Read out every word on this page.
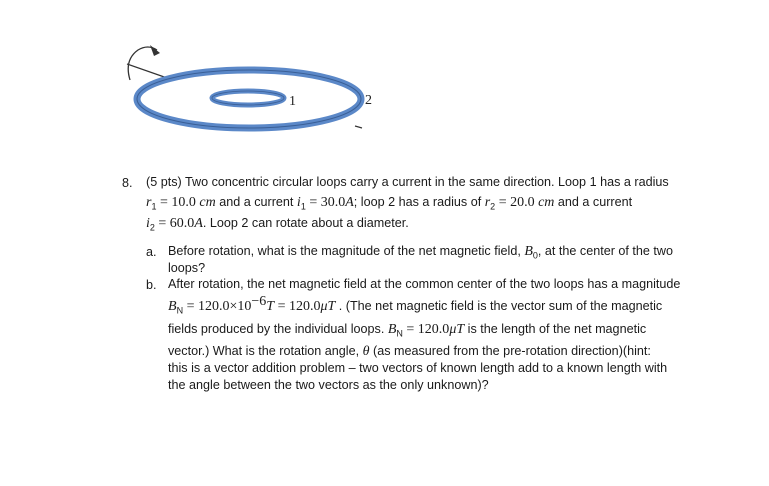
1	2
8. (5 pts) Two concentric circular loops carry a current in the same direction. Loop 1 has a radius
$r_1 = 10.0$ cm and a current $i_1 = 30.0A$; loop 2 has a radius of $r_2 = 20.0$ cm and a current
$i_2 = 60.0A$. Loop 2 can rotate about a diameter.
a. Before rotation, what is the magnitude of the net magnetic field, $B_0$, at the center of the two
loops?
b. After rotation, the net magnetic field at the common center of the two loops has a magnitude
$B_N = 120.0\times 10^{-6}T = 120.0\mu T$ . (The net magnetic field is the vector sum of the magnetic
fields produced by the individual loops. $B_N = 120.0\mu T$ is the length of the net magnetic
vector.) What is the rotation angle, θ (as measured from the pre-rotation direction)(hint:
this is a vector addition problem – two vectors of known length add to a known length with
the angle between the two vectors as the only unknown)?
